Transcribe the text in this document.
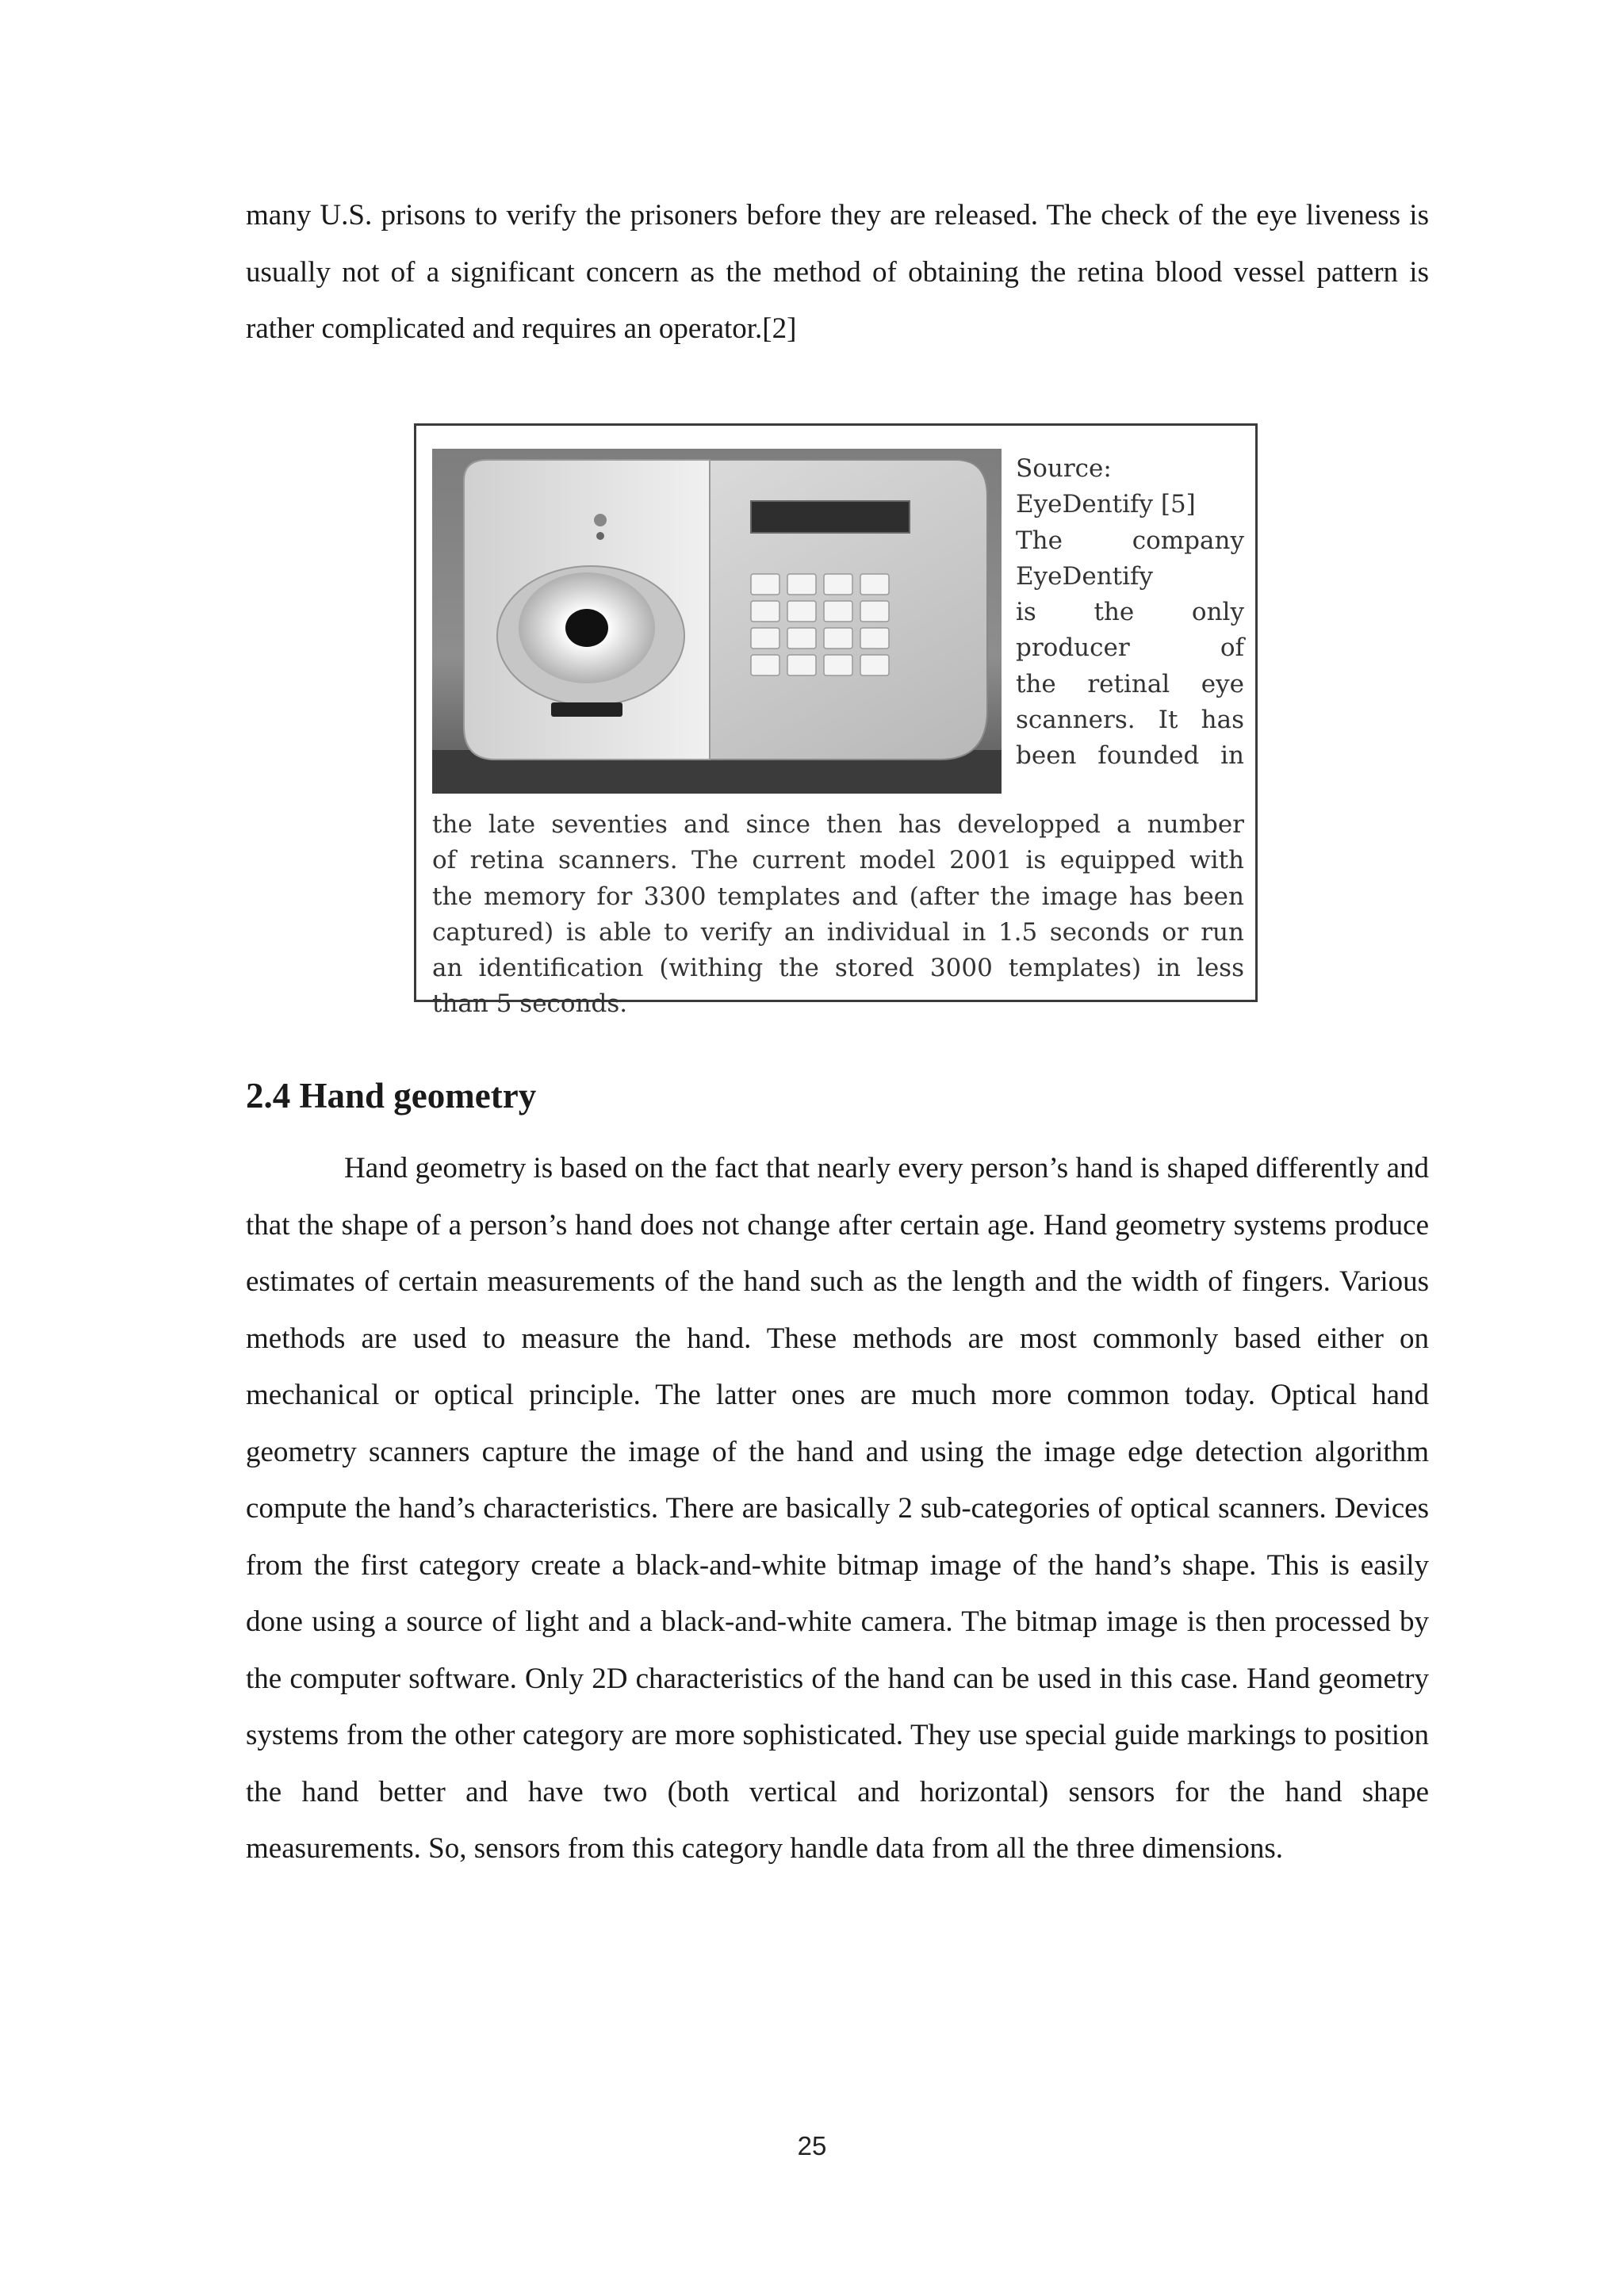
many U.S. prisons to verify the prisoners before they are released. The check of the eye liveness is usually not of a significant concern as the method of obtaining the retina blood vessel pattern is rather complicated and requires an operator.[2]

Source:
EyeDentify [5]
The	company
EyeDentify
is the only
producer	of
the retinal eye
scanners. It has
been founded in

the late seventies and since then has developped a number
of retina scanners. The current model 2001 is equipped with
the memory for 3300 templates and (after the image has been
captured) is able to verify an individual in 1.5 seconds or run
an identification (withing the stored 3000 templates) in less
than 5 seconds.

2.4 Hand geometry

Hand geometry is based on the fact that nearly every person’s hand is shaped differently and that the shape of a person’s hand does not change after certain age. Hand geometry systems produce estimates of certain measurements of the hand such as the length and the width of fingers. Various methods are used to measure the hand. These methods are most commonly based either on mechanical or optical principle. The latter ones are much more common today. Optical hand geometry scanners capture the image of the hand and using the image edge detection algorithm compute the hand’s characteristics. There are basically 2 sub-categories of optical scanners. Devices from the first category create a black-and-white bitmap image of the hand’s shape. This is easily done using a source of light and a black-and-white camera. The bitmap image is then processed by the computer software. Only 2D characteristics of the hand can be used in this case. Hand geometry systems from the other category are more sophisticated. They use special guide markings to position the hand better and have two (both vertical and horizontal) sensors for the hand shape measurements. So, sensors from this category handle data from all the three dimensions.

25
